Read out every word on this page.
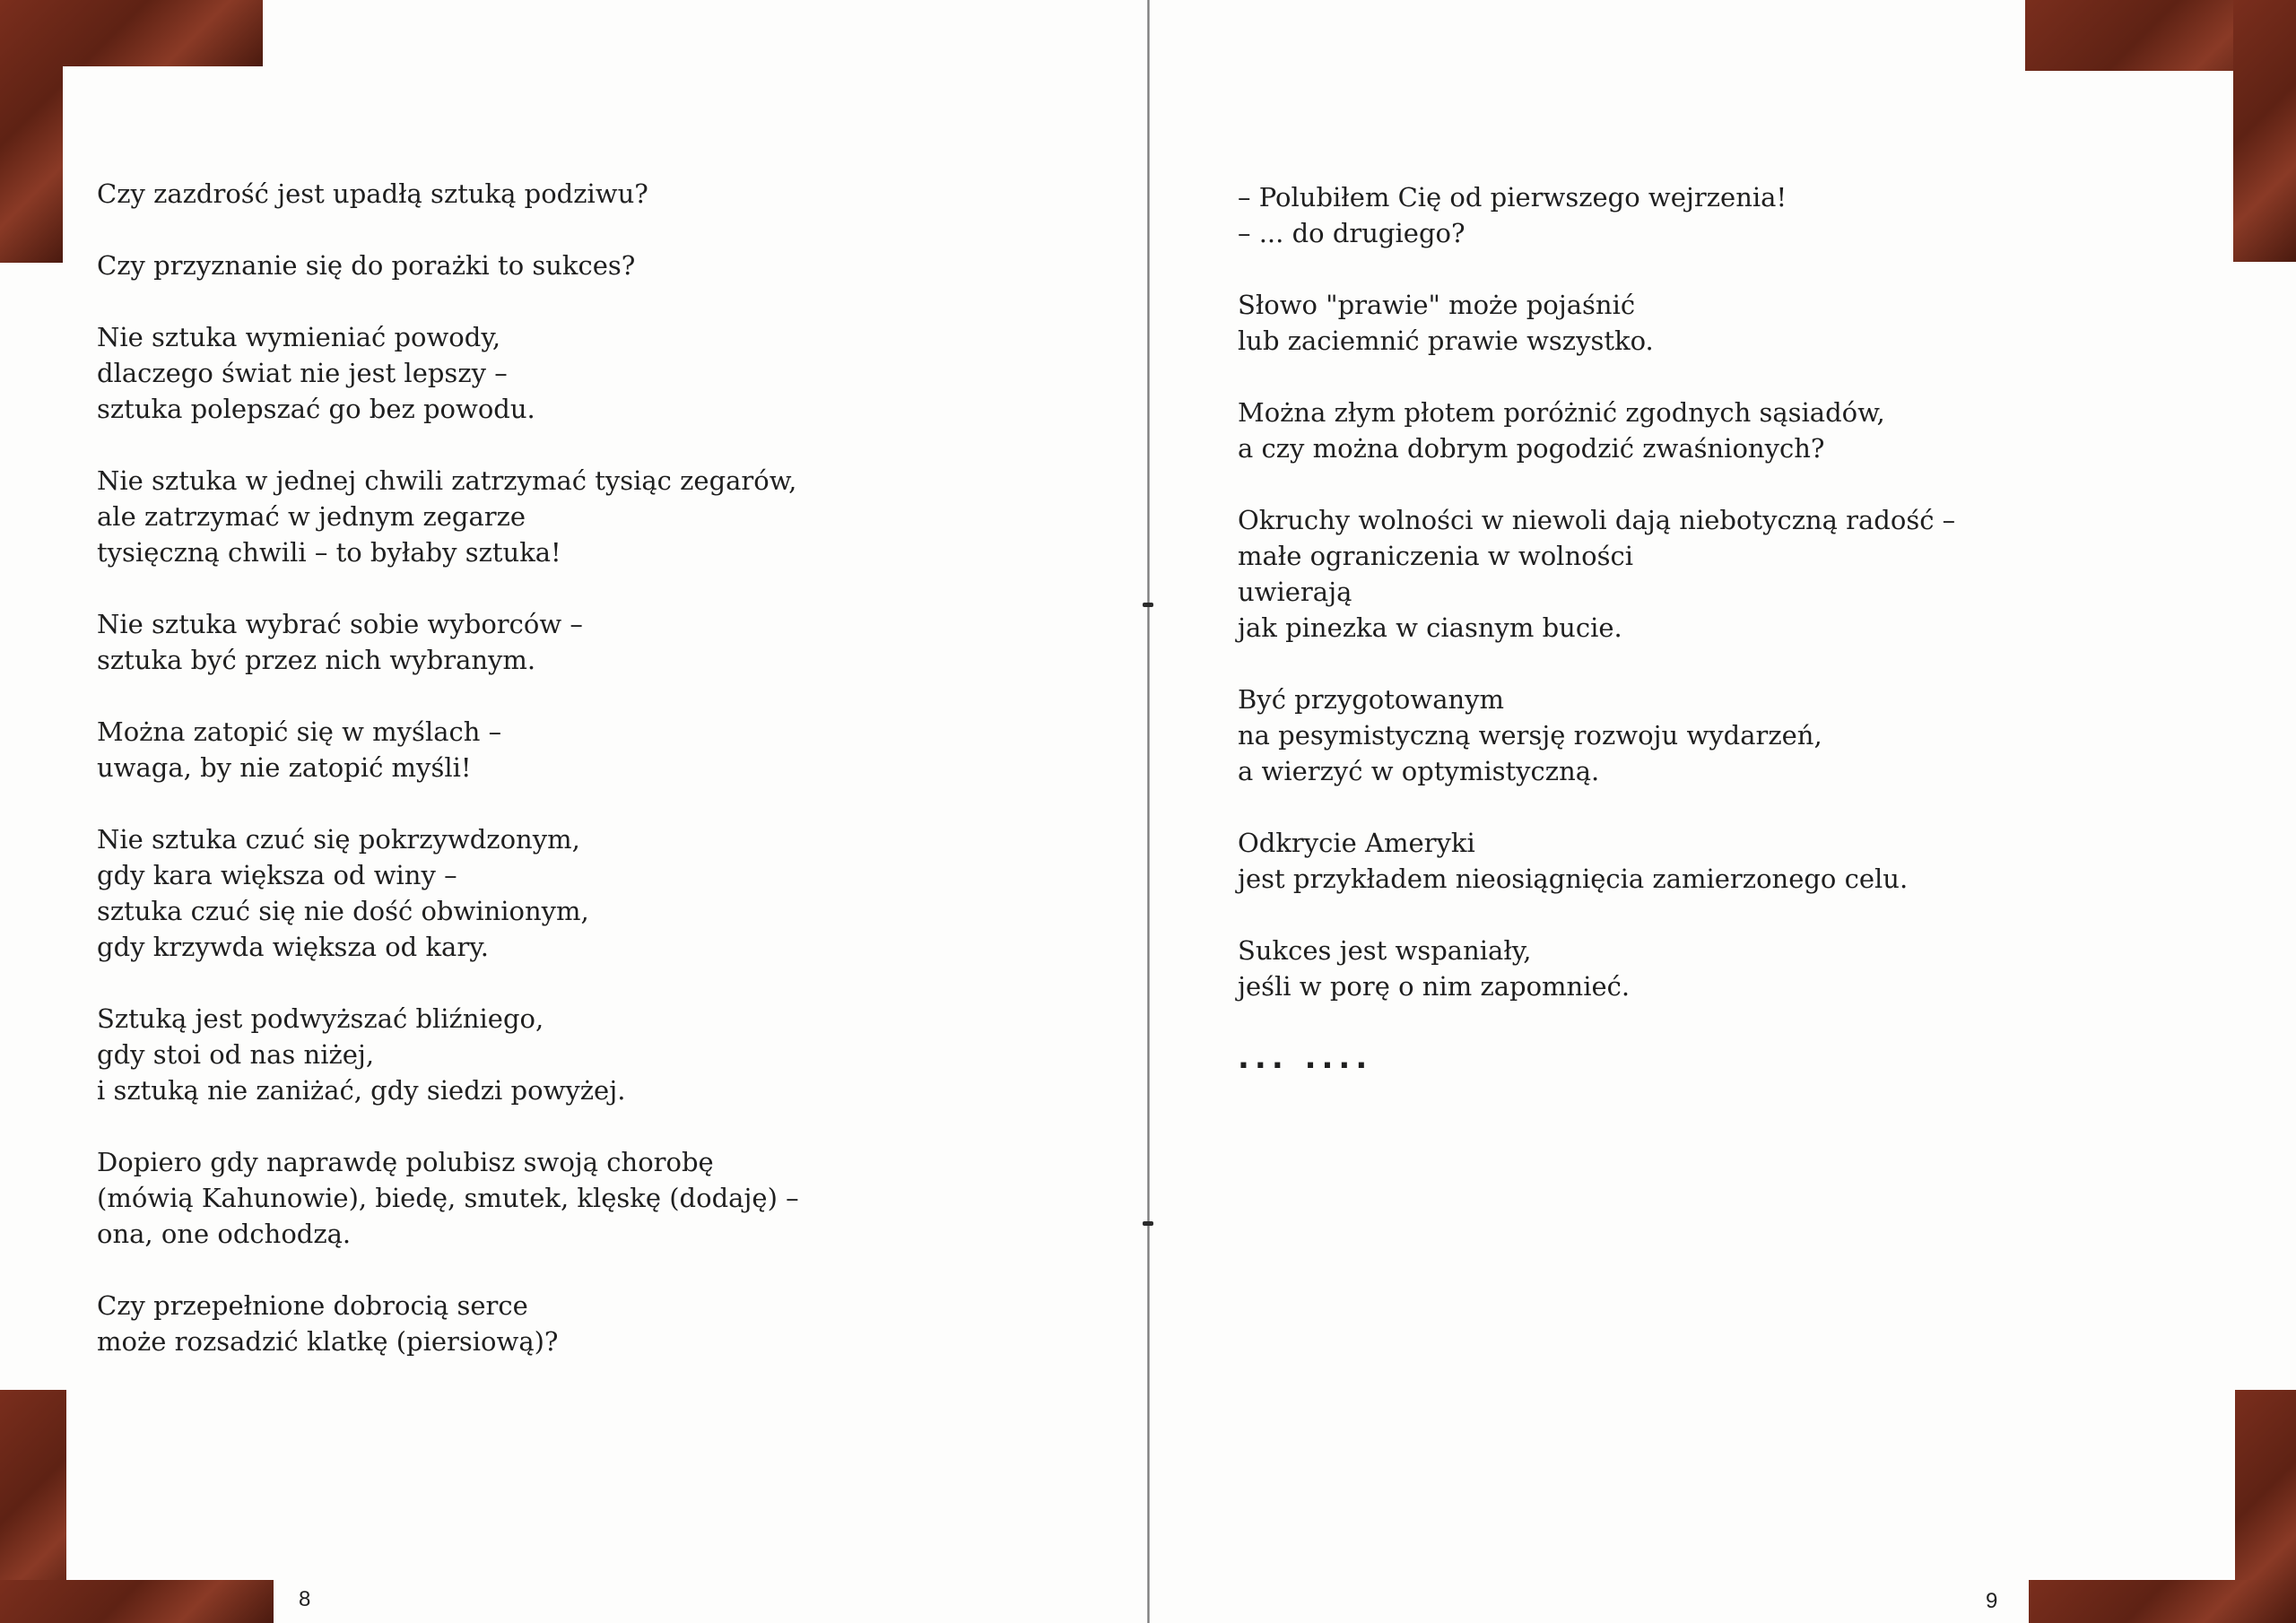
Czy zazdrość jest upadłą sztuką podziwu?
Czy przyznanie się do porażki to sukces?
Nie sztuka wymieniać powody,
dlaczego świat nie jest lepszy –
sztuka polepszać go bez powodu.
Nie sztuka w jednej chwili zatrzymać tysiąc zegarów,
ale zatrzymać w jednym zegarze
tysięczną chwili – to byłaby sztuka!
Nie sztuka wybrać sobie wyborców –
sztuka być przez nich wybranym.
Można zatopić się w myślach –
uwaga, by nie zatopić myśli!
Nie sztuka czuć się pokrzywdzonym,
gdy kara większa od winy –
sztuka czuć się nie dość obwinionym,
gdy krzywda większa od kary.
Sztuką jest podwyższać bliźniego,
gdy stoi od nas niżej,
i sztuką nie zaniżać, gdy siedzi powyżej.
Dopiero gdy naprawdę polubisz swoją chorobę
(mówią Kahunowie), biedę, smutek, klęskę (dodaję) –
ona, one odchodzą.
Czy przepełnione dobrocią serce
może rozsadzić klatkę (piersiową)?
– Polubiłem Cię od pierwszego wejrzenia!
– ... do drugiego?
Słowo "prawie" może pojaśnić
lub zaciemnić prawie wszystko.
Można złym płotem poróżnić zgodnych sąsiadów,
a czy można dobrym pogodzić zwaśnionych?
Okruchy wolności w niewoli dają niebotyczną radość –
małe ograniczenia w wolności
uwierają
jak pinezka w ciasnym bucie.
Być przygotowanym
na pesymistyczną wersję rozwoju wydarzeń,
a wierzyć w optymistyczną.
Odkrycie Ameryki
jest przykładem nieosiągnięcia zamierzonego celu.
Sukces jest wspaniały,
jeśli w porę o nim zapomnieć.
... ....
8	9
